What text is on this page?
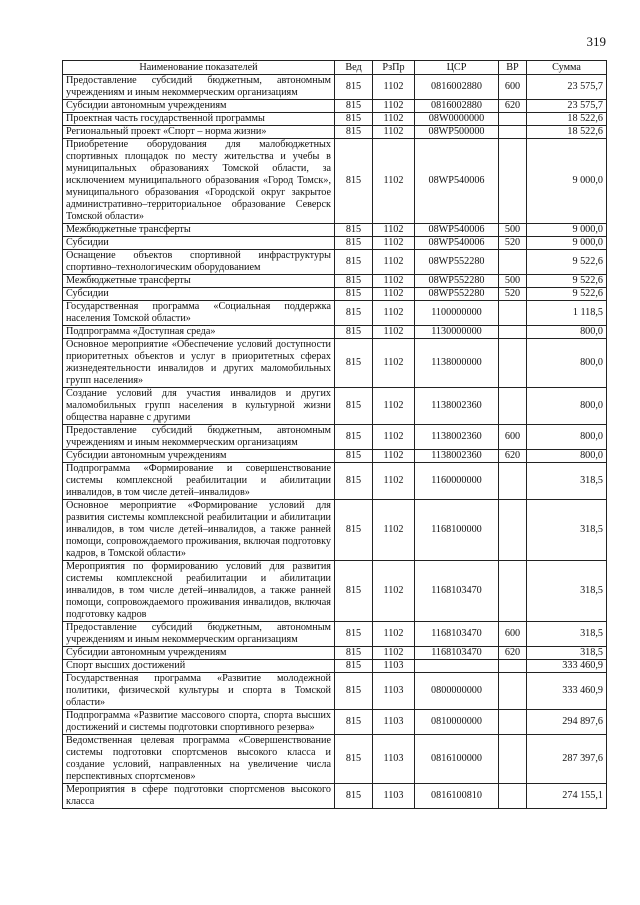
319
Наименование показателей	Вед	РзПр	ЦСР	ВР	Сумма
Предоставление субсидий бюджетным, автономным учреждениям и иным некоммерческим организациям	815	1102	0816002880	600	23 575,7
Субсидии автономным учреждениям	815	1102	0816002880	620	23 575,7
Проектная часть государственной программы	815	1102	08W0000000		18 522,6
Региональный проект «Спорт – норма жизни»	815	1102	08WP500000		18 522,6
Приобретение оборудования для малобюджетных спортивных площадок по месту жительства и учебы в муниципальных образованиях Томской области, за исключением муниципального образования «Город Томск», муниципального образования «Городской округ закрытое административно–территориальное образование Северск Томской области»	815	1102	08WP540006		9 000,0
Межбюджетные трансферты	815	1102	08WP540006	500	9 000,0
Субсидии	815	1102	08WP540006	520	9 000,0
Оснащение объектов спортивной инфраструктуры спортивно–технологическим оборудованием	815	1102	08WP552280		9 522,6
Межбюджетные трансферты	815	1102	08WP552280	500	9 522,6
Субсидии	815	1102	08WP552280	520	9 522,6
Государственная программа «Социальная поддержка населения Томской области»	815	1102	1100000000		1 118,5
Подпрограмма «Доступная среда»	815	1102	1130000000		800,0
Основное мероприятие «Обеспечение условий доступности приоритетных объектов и услуг в приоритетных сферах жизнедеятельности инвалидов и других маломобильных групп населения»	815	1102	1138000000		800,0
Создание условий для участия инвалидов и других маломобильных групп населения в культурной жизни общества наравне с другими	815	1102	1138002360		800,0
Предоставление субсидий бюджетным, автономным учреждениям и иным некоммерческим организациям	815	1102	1138002360	600	800,0
Субсидии автономным учреждениям	815	1102	1138002360	620	800,0
Подпрограмма «Формирование и совершенствование системы комплексной реабилитации и абилитации инвалидов, в том числе детей–инвалидов»	815	1102	1160000000		318,5
Основное мероприятие «Формирование условий для развития системы комплексной реабилитации и абилитации инвалидов, в том числе детей–инвалидов, а также ранней помощи, сопровождаемого проживания, включая подготовку кадров, в Томской области»	815	1102	1168100000		318,5
Мероприятия по формированию условий для развития системы комплексной реабилитации и абилитации инвалидов, в том числе детей–инвалидов, а также ранней помощи, сопровождаемого проживания инвалидов, включая подготовку кадров	815	1102	1168103470		318,5
Предоставление субсидий бюджетным, автономным учреждениям и иным некоммерческим организациям	815	1102	1168103470	600	318,5
Субсидии автономным учреждениям	815	1102	1168103470	620	318,5
Спорт высших достижений	815	1103			333 460,9
Государственная программа «Развитие молодежной политики, физической культуры и спорта в Томской области»	815	1103	0800000000		333 460,9
Подпрограмма «Развитие массового спорта, спорта высших достижений и системы подготовки спортивного резерва»	815	1103	0810000000		294 897,6
Ведомственная целевая программа «Совершенствование системы подготовки спортсменов высокого класса и создание условий, направленных на увеличение числа перспективных спортсменов»	815	1103	0816100000		287 397,6
Мероприятия в сфере подготовки спортсменов высокого класса	815	1103	0816100810		274 155,1
